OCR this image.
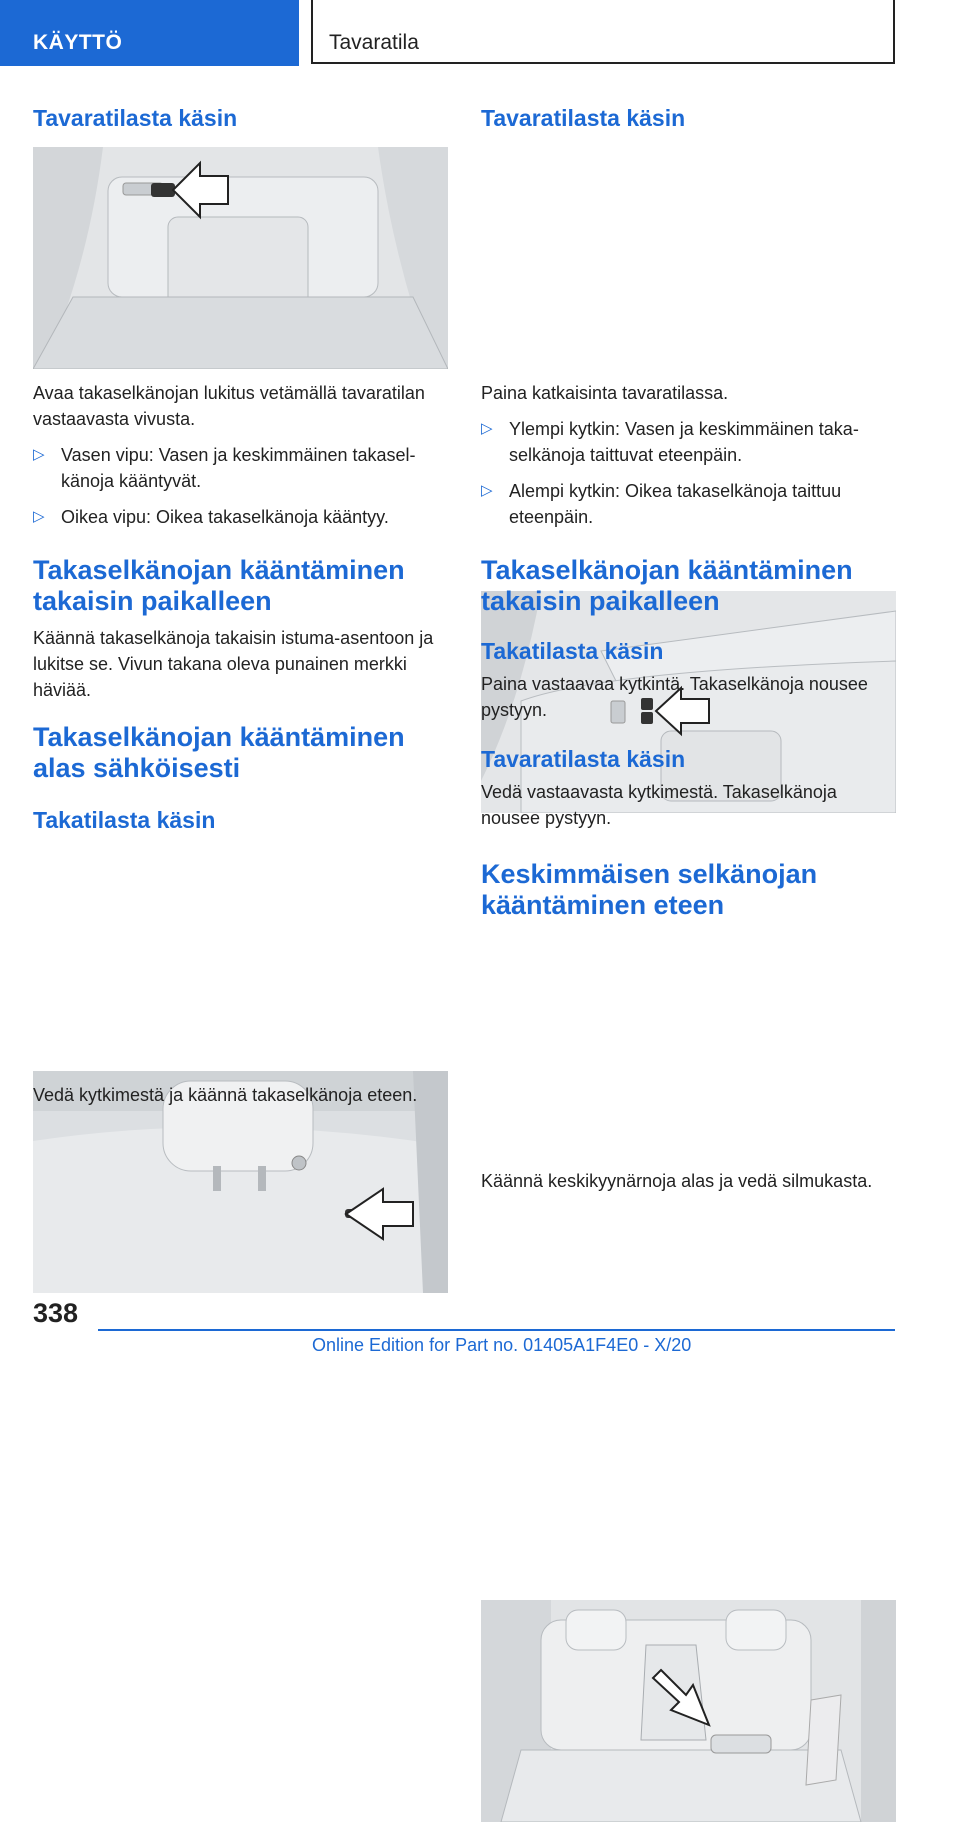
KÄYTTÖ	Tavaratila
Tavaratilasta käsin

Avaa takaselkänojan lukitus vetämällä tavaratilan vastaavasta vivusta.

▷ Vasen vipu: Vasen ja keskimmäinen takaselkänoja kääntyvät.
▷ Oikea vipu: Oikea takaselkänoja kääntyy.
Takaselkänojan kääntäminen takaisin paikalleen

Käännä takaselkänoja takaisin istuma-asentoon ja lukitse se. Vivun takana oleva punainen merkki häviää.

Takaselkänojan kääntäminen alas sähköisesti
Takatilasta käsin

Vedä kytkimestä ja käännä takaselkänoja eteen.

Tavaratilasta käsin

Paina katkaisinta tavaratilassa.

▷ Ylempi kytkin: Vasen ja keskimmäinen takaselkänoja taittuvat eteenpäin.
▷ Alempi kytkin: Oikea takaselkänoja taittuu eteenpäin.
Takaselkänojan kääntäminen takaisin paikalleen
Takatilasta käsin

Paina vastaavaa kytkintä. Takaselkänoja nousee pystyyn.

Tavaratilasta käsin

Vedä vastaavasta kytkimestä. Takaselkänoja nousee pystyyn.

Keskimmäisen selkänojan kääntäminen eteen

Käännä keskikyynärnoja alas ja vedä silmukasta.

338
Online Edition for Part no. 01405A1F4E0 - X/20
